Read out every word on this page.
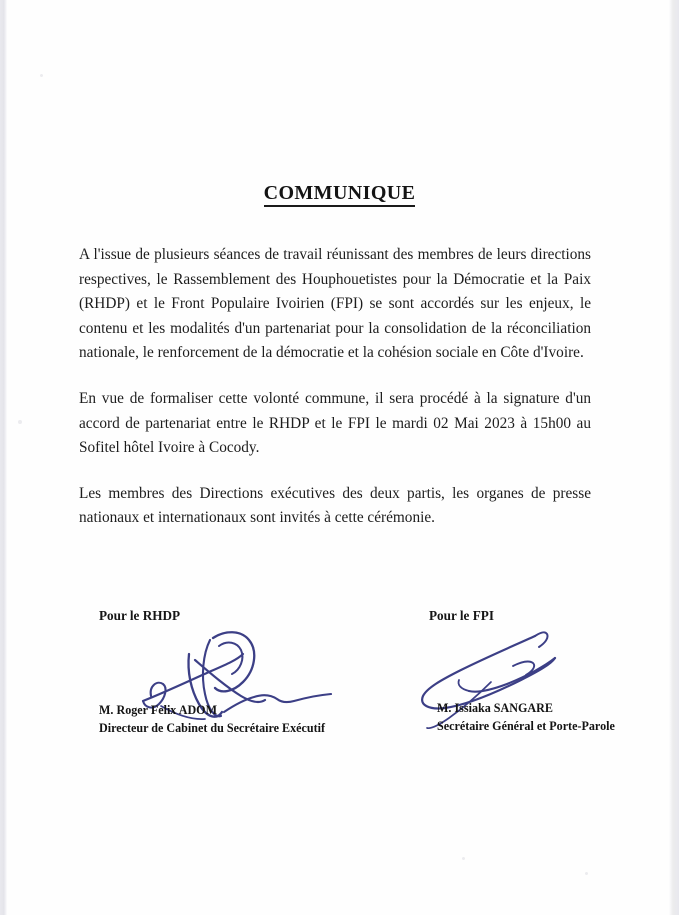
COMMUNIQUE

A l'issue de plusieurs séances de travail réunissant des membres de leurs directions respectives, le Rassemblement des Houphouetistes pour la Démocratie et la Paix (RHDP) et le Front Populaire Ivoirien (FPI) se sont accordés sur les enjeux, le contenu et les modalités d'un partenariat pour la consolidation de la réconciliation nationale, le renforcement de la démocratie et la cohésion sociale en Côte d'Ivoire.

En vue de formaliser cette volonté commune, il sera procédé à la signature d'un accord de partenariat entre le RHDP et le FPI le mardi 02 Mai 2023 à 15h00 au Sofitel hôtel Ivoire à Cocody.

Les membres des Directions exécutives des deux partis, les organes de presse nationaux et internationaux sont invités à cette cérémonie.

Pour le RHDP
M. Roger Felix ADOM
Directeur de Cabinet du Secrétaire Exécutif
Pour le FPI
M. Issiaka SANGARE
Secrétaire Général et Porte-Parole
